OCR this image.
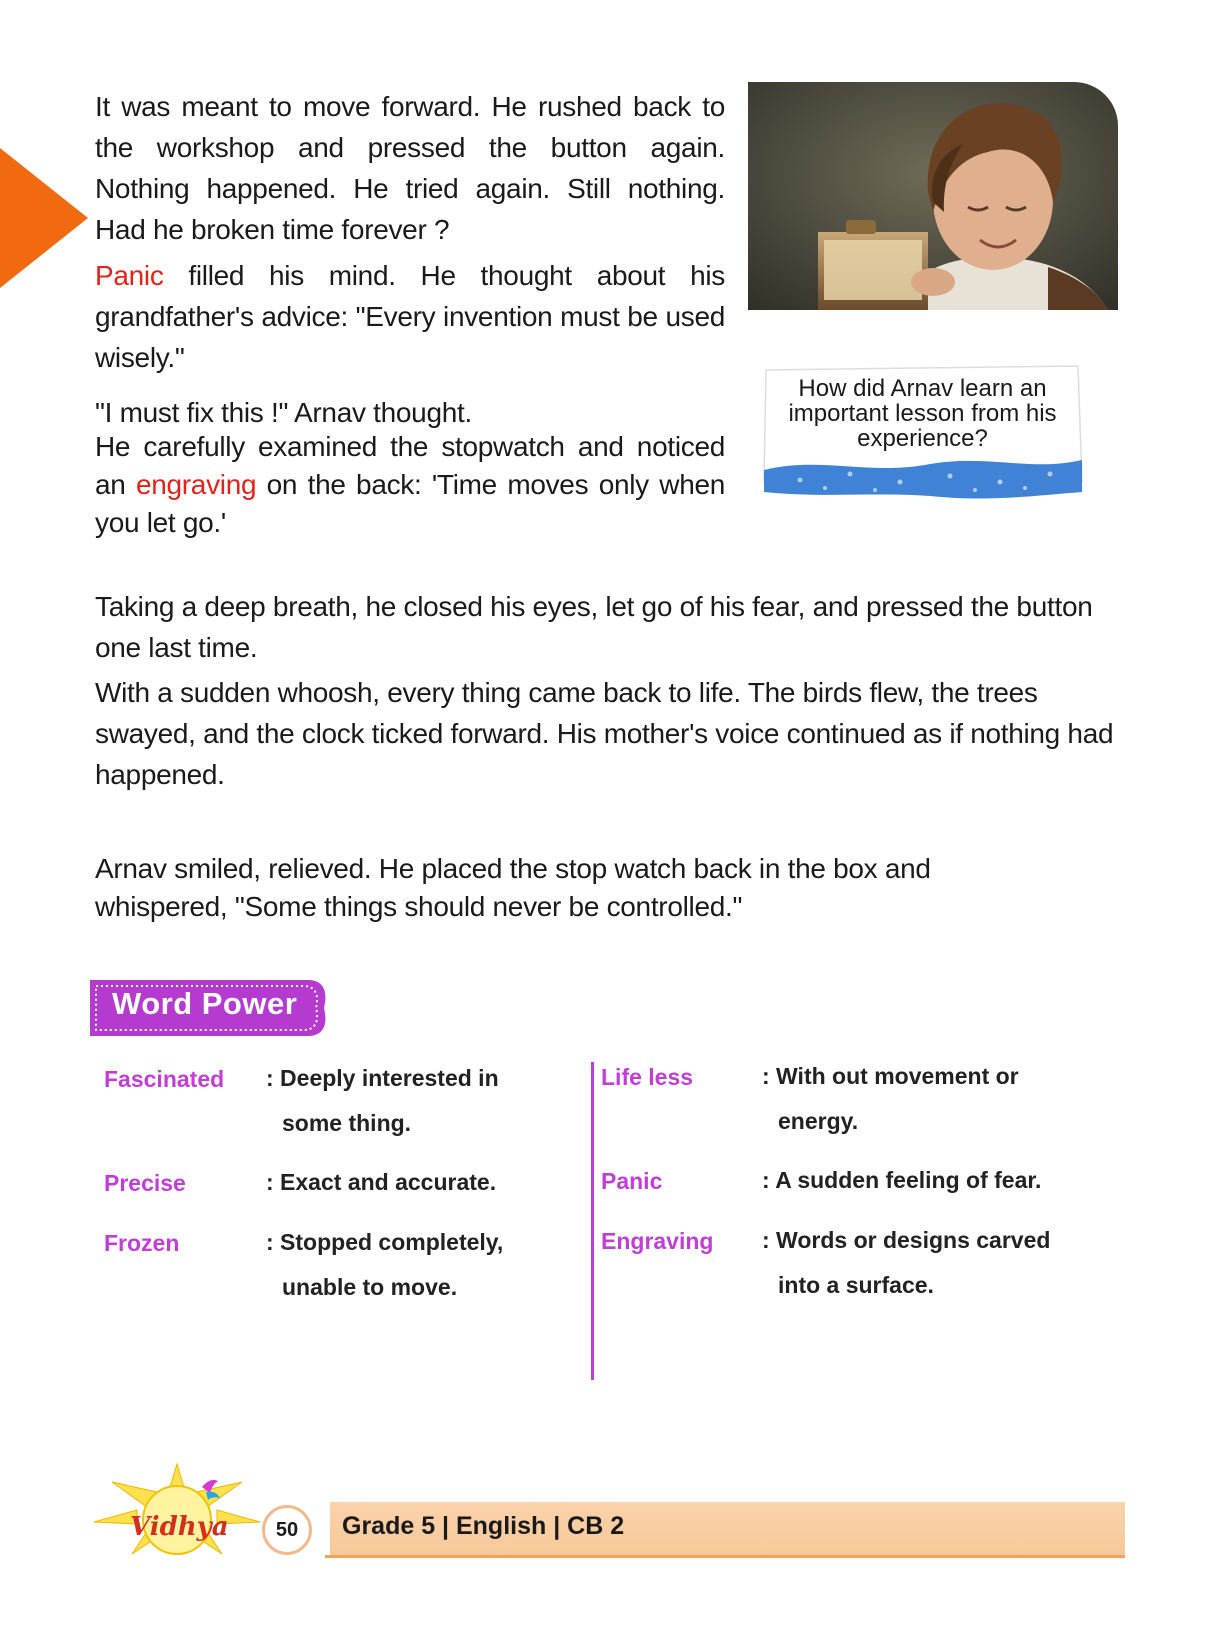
It was meant to move forward. He rushed back to the workshop and pressed the button again. Nothing happened. He tried again. Still nothing. Had he broken time forever ?
Panic filled his mind. He thought about his grandfather's advice: "Every invention must be used wisely."
"I must fix this !" Arnav thought.
He carefully examined the stopwatch and noticed an engraving on the back: 'Time moves only when you let go.'
How did Arnav learn an important lesson from his experience?
Taking a deep breath, he closed his eyes, let go of his fear, and pressed the button one last time.
With a sudden whoosh, every thing came back to life. The birds flew, the trees swayed, and the clock ticked forward. His mother's voice continued as if nothing had happened.
Arnav smiled, relieved. He placed the stop watch back in the box and whispered, "Some things should never be controlled."
Word Power
Fascinated : Deeply interested in
some thing.
Precise	: Exact and accurate.
Frozen	: Stopped completely,
unable to move.
Life less	: With out movement or
energy.
Panic	: A sudden feeling of fear.
Engraving : Words or designs carved
into a surface.
Vidhya	50	Grade 5 | English | CB 2
